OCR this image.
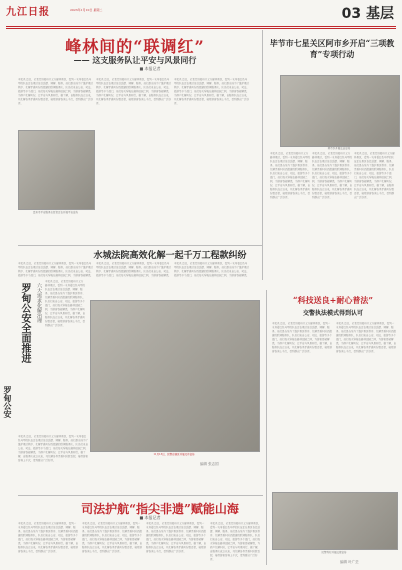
九江日报	2023年1月10日 星期二	03 基层
峰林间的“联调红”
—— 这支服务队让平安与风景同行
■ 本报记者
本报讯 近日，记者走进贵州兴义万峰林景区，看到一支身着红色马甲的队伍正在景区各处巡逻、调解、服务。他们是当地为了维护景区秩序、化解矛盾纠纷而组建的联调服务队。队员们来自公安、司法、旅游等多个部门，他们每天穿梭在峰林田园之间，为游客答疑解惑，为商户化解纠纷，让平安与风景同行。据了解，自服务队成立以来，共化解各类矛盾纠纷数百起，接待游客咨询上千次，受到群众广泛好评。
本报讯 近日，记者走进贵州兴义万峰林景区，看到一支身着红色马甲的队伍正在景区各处巡逻、调解、服务。他们是当地为了维护景区秩序、化解矛盾纠纷而组建的联调服务队。队员们来自公安、司法、旅游等多个部门，他们每天穿梭在峰林田园之间，为游客答疑解惑，为商户化解纠纷，让平安与风景同行。据了解，自服务队成立以来，共化解各类矛盾纠纷数百起，接待游客咨询上千次，受到群众广泛好评。
本报讯 近日，记者走进贵州兴义万峰林景区，看到一支身着红色马甲的队伍正在景区各处巡逻、调解、服务。他们是当地为了维护景区秩序、化解矛盾纠纷而组建的联调服务队。队员们来自公安、司法、旅游等多个部门，他们每天穿梭在峰林田园之间，为游客答疑解惑，为商户化解纠纷，让平安与风景同行。据了解，自服务队成立以来，共化解各类矛盾纠纷数百起，接待游客咨询上千次，受到群众广泛好评。
盘州市平安服务志愿者正在开展平安宣传
毕节市七星关区阿市乡开启“三项教育”专项行动
阿市乡开展法治宣传
本报讯 近日，记者走进贵州兴义万峰林景区，看到一支身着红色马甲的队伍正在景区各处巡逻、调解、服务。他们是当地为了维护景区秩序、化解矛盾纠纷而组建的联调服务队。队员们来自公安、司法、旅游等多个部门，他们每天穿梭在峰林田园之间，为游客答疑解惑，为商户化解纠纷，让平安与风景同行。据了解，自服务队成立以来，共化解各类矛盾纠纷数百起，接待游客咨询上千次，受到群众广泛好评。
本报讯 近日，记者走进贵州兴义万峰林景区，看到一支身着红色马甲的队伍正在景区各处巡逻、调解、服务。他们是当地为了维护景区秩序、化解矛盾纠纷而组建的联调服务队。队员们来自公安、司法、旅游等多个部门，他们每天穿梭在峰林田园之间，为游客答疑解惑，为商户化解纠纷，让平安与风景同行。据了解，自服务队成立以来，共化解各类矛盾纠纷数百起，接待游客咨询上千次，受到群众广泛好评。
本报讯 近日，记者走进贵州兴义万峰林景区，看到一支身着红色马甲的队伍正在景区各处巡逻、调解、服务。他们是当地为了维护景区秩序、化解矛盾纠纷而组建的联调服务队。队员们来自公安、司法、旅游等多个部门，他们每天穿梭在峰林田园之间，为游客答疑解惑，为商户化解纠纷，让平安与风景同行。据了解，自服务队成立以来，共化解各类矛盾纠纷数百起，接待游客咨询上千次，受到群众广泛好评。
水城法院高效化解一起千万工程款纠纷
本报讯 近日，记者走进贵州兴义万峰林景区，看到一支身着红色马甲的队伍正在景区各处巡逻、调解、服务。他们是当地为了维护景区秩序、化解矛盾纠纷而组建的联调服务队。队员们来自公安、司法、旅游等多个部门，他们每天穿梭在峰林田园之间，为游客答疑解惑，
本报讯 近日，记者走进贵州兴义万峰林景区，看到一支身着红色马甲的队伍正在景区各处巡逻、调解、服务。他们是当地为了维护景区秩序、化解矛盾纠纷而组建的联调服务队。队员们来自公安、司法、旅游等多个部门，他们每天穿梭在峰林田园之间，为游客答疑解惑，
本报讯 近日，记者走进贵州兴义万峰林景区，看到一支身着红色马甲的队伍正在景区各处巡逻、调解、服务。他们是当地为了维护景区秩序、化解矛盾纠纷而组建的联调服务队。队员们来自公安、司法、旅游等多个部门，他们每天穿梭在峰林田园之间，为游客答疑解惑，
罗甸公安全面推进	六大需求化解治理
罗甸公安
本报讯 近日，记者走进贵州兴义万峰林景区，看到一支身着红色马甲的队伍正在景区各处巡逻、调解、服务。他们是当地为了维护景区秩序、化解矛盾纠纷而组建的联调服务队。队员们来自公安、司法、旅游等多个部门，他们每天穿梭在峰林田园之间，为游客答疑解惑，为商户化解纠纷，让平安与风景同行。据了解，自服务队成立以来，共化解各类矛盾纠纷数百起，接待游客咨询上千次，受到群众广泛好评。
11月13日，民警在辖区开展反诈宣传
编辑 张志国
本报讯 近日，记者走进贵州兴义万峰林景区，看到一支身着红色马甲的队伍正在景区各处巡逻、调解、服务。他们是当地为了维护景区秩序、化解矛盾纠纷而组建的联调服务队。队员们来自公安、司法、旅游等多个部门，他们每天穿梭在峰林田园之间，为游客答疑解惑，为商户化解纠纷，让平安与风景同行。据了解，自服务队成立以来，共化解各类矛盾纠纷数百起，接待游客咨询上千次，受到群众广泛好评。
“科技送良+耐心普法”
交警执法模式得到认可
本报讯 近日，记者走进贵州兴义万峰林景区，看到一支身着红色马甲的队伍正在景区各处巡逻、调解、服务。他们是当地为了维护景区秩序、化解矛盾纠纷而组建的联调服务队。队员们来自公安、司法、旅游等多个部门，他们每天穿梭在峰林田园之间，为游客答疑解惑，为商户化解纠纷，让平安与风景同行。据了解，自服务队成立以来，共化解各类矛盾纠纷数百起，接待游客咨询上千次，受到群众广泛好评。
本报讯 近日，记者走进贵州兴义万峰林景区，看到一支身着红色马甲的队伍正在景区各处巡逻、调解、服务。他们是当地为了维护景区秩序、化解矛盾纠纷而组建的联调服务队。队员们来自公安、司法、旅游等多个部门，他们每天穿梭在峰林田园之间，为游客答疑解惑，为商户化解纠纷，让平安与风景同行。据了解，自服务队成立以来，共化解各类矛盾纠纷数百起，接待游客咨询上千次，受到群众广泛好评。
民警到村开展法律宣传
编辑 叶广芸
司法护航“指尖非遗”赋能山海
■ 本报记者
本报讯 近日，记者走进贵州兴义万峰林景区，看到一支身着红色马甲的队伍正在景区各处巡逻、调解、服务。他们是当地为了维护景区秩序、化解矛盾纠纷而组建的联调服务队。队员们来自公安、司法、旅游等多个部门，他们每天穿梭在峰林田园之间，为游客答疑解惑，为商户化解纠纷，让平安与风景同行。据了解，自服务队成立以来，共化解各类矛盾纠纷数百起，接待游客咨询上千次，受到群众广泛好评。
本报讯 近日，记者走进贵州兴义万峰林景区，看到一支身着红色马甲的队伍正在景区各处巡逻、调解、服务。他们是当地为了维护景区秩序、化解矛盾纠纷而组建的联调服务队。队员们来自公安、司法、旅游等多个部门，他们每天穿梭在峰林田园之间，为游客答疑解惑，为商户化解纠纷，让平安与风景同行。据了解，自服务队成立以来，共化解各类矛盾纠纷数百起，接待游客咨询上千次，受到群众广泛好评。
本报讯 近日，记者走进贵州兴义万峰林景区，看到一支身着红色马甲的队伍正在景区各处巡逻、调解、服务。他们是当地为了维护景区秩序、化解矛盾纠纷而组建的联调服务队。队员们来自公安、司法、旅游等多个部门，他们每天穿梭在峰林田园之间，为游客答疑解惑，为商户化解纠纷，让平安与风景同行。据了解，自服务队成立以来，共化解各类矛盾纠纷数百起，接待游客咨询上千次，受到群众广泛好评。
本报讯 近日，记者走进贵州兴义万峰林景区，看到一支身着红色马甲的队伍正在景区各处巡逻、调解、服务。他们是当地为了维护景区秩序、化解矛盾纠纷而组建的联调服务队。队员们来自公安、司法、旅游等多个部门，他们每天穿梭在峰林田园之间，为游客答疑解惑，为商户化解纠纷，让平安与风景同行。据了解，自服务队成立以来，共化解各类矛盾纠纷数百起，接待游客咨询上千次，受到群众广泛好评。
